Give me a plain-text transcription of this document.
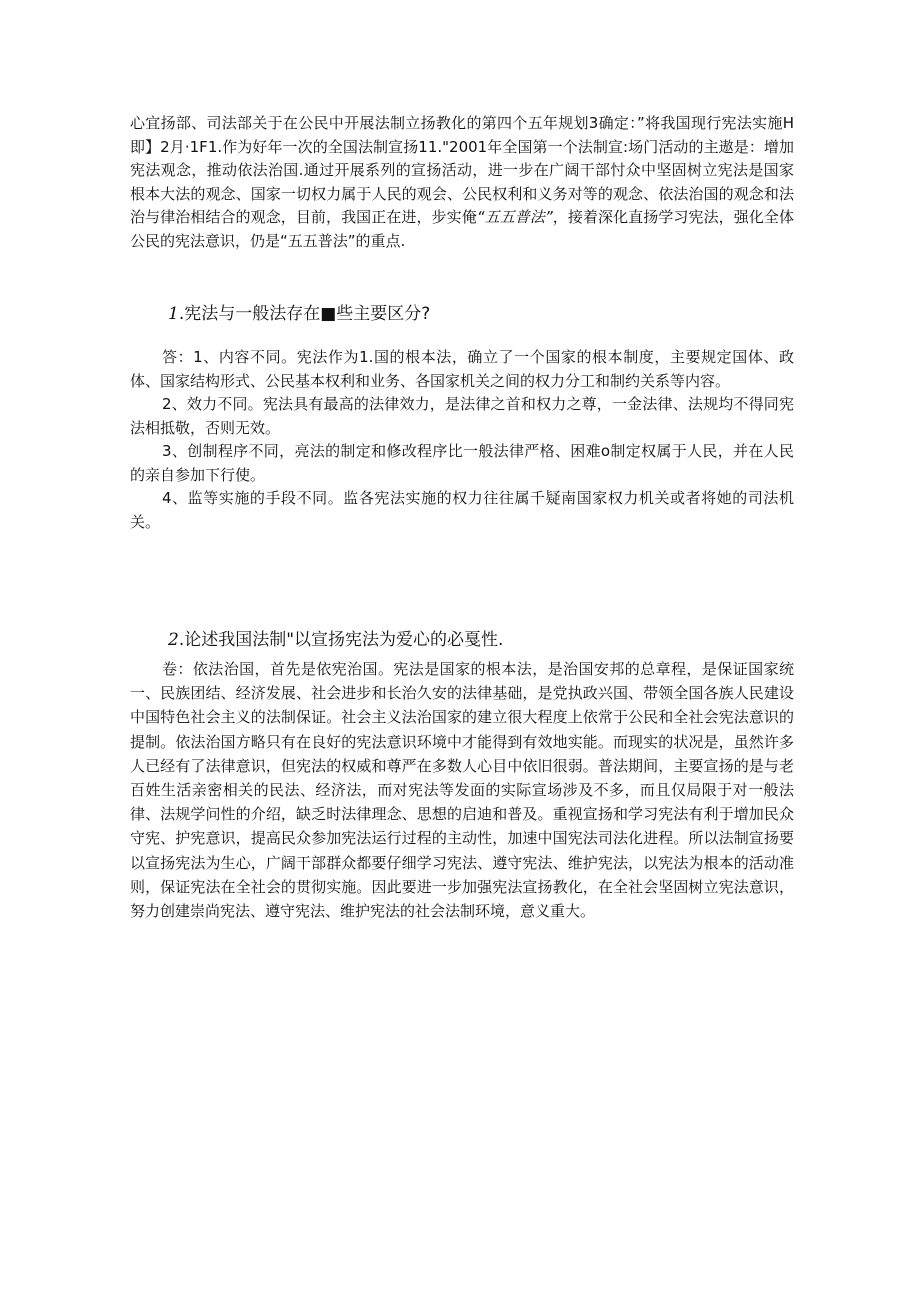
心宜扬部、司法部关于在公民中开展法制立扬教化的第四个五年规划3确定：”将我国现行宪法实施H即】2月·1F1.作为好年一次的全国法制宣扬11."2001年全国第一个法制宣:场门活动的主遨是：增加宪法观念，推动依法治国.通过开展系列的宣扬活动，进一步在广阔干部忖众中坚固树立宪法是国家根本大法的观念、国家一切权力属于人民的观会、公民权利和义务对等的观念、依法治国的观念和法治与律治相结合的观念，目前，我国正在进，步实俺“五五普法”，接着深化直扬学习宪法，强化全体公民的宪法意识，仍是“五五普法”的重点.
1.宪法与一般法存在■些主要区分?

答：1、内容不同。宪法作为1.国的根本法，确立了一个国家的根本制度，主要规定国体、政体、国家结构形式、公民基本权利和业务、各国家机关之间的权力分工和制约关系等内容。

2、效力不同。宪法具有最高的法律效力，是法律之首和权力之尊，一金法律、法规均不得同宪法相抵敬，否则无效。

3、创制程序不同，亮法的制定和修改程序比一般法律严格、困难o制定权属于人民，并在人民的亲自参加下行使。

4、监等实施的手段不同。监各宪法实施的权力往往属千疑南国家权力机关或者将她的司法机关。

2.论述我国法制"以宣扬宪法为爱心的必戛性.

卷：依法治国，首先是依宪治国。宪法是国家的根本法，是治国安邦的总章程，是保证国家统一、民族团结、经济发展、社会进步和长治久安的法律基础，是党执政兴国、带领全国各族人民建设中国特色社会主义的法制保证。社会主义法治国家的建立很大程度上依常于公民和全社会宪法意识的提制。依法治国方略只有在良好的宪法意识环境中才能得到有效地实能。而现实的状况是，虽然许多人已经有了法律意识，但宪法的权威和尊严在多数人心目中依旧很弱。普法期间，主要宣扬的是与老百姓生活亲密相关的民法、经济法，而对宪法等发面的实际宣场涉及不多，而且仅局限于对一般法律、法规学问性的介绍，缺乏时法律理念、思想的启迪和普及。重视宣扬和学习宪法有利于增加民众守宪、护宪意识，提高民众参加宪法运行过程的主动性，加速中国宪法司法化进程。所以法制宣扬要以宣扬宪法为生心，广阔干部群众都要仔细学习宪法、遵守宪法、维护宪法，以宪法为根本的活动准则，保证宪法在全社会的贯彻实施。因此要进一步加强宪法宣扬教化，在全社会坚固树立宪法意识，努力创建崇尚宪法、遵守宪法、维护宪法的社会法制环境，意义重大。
